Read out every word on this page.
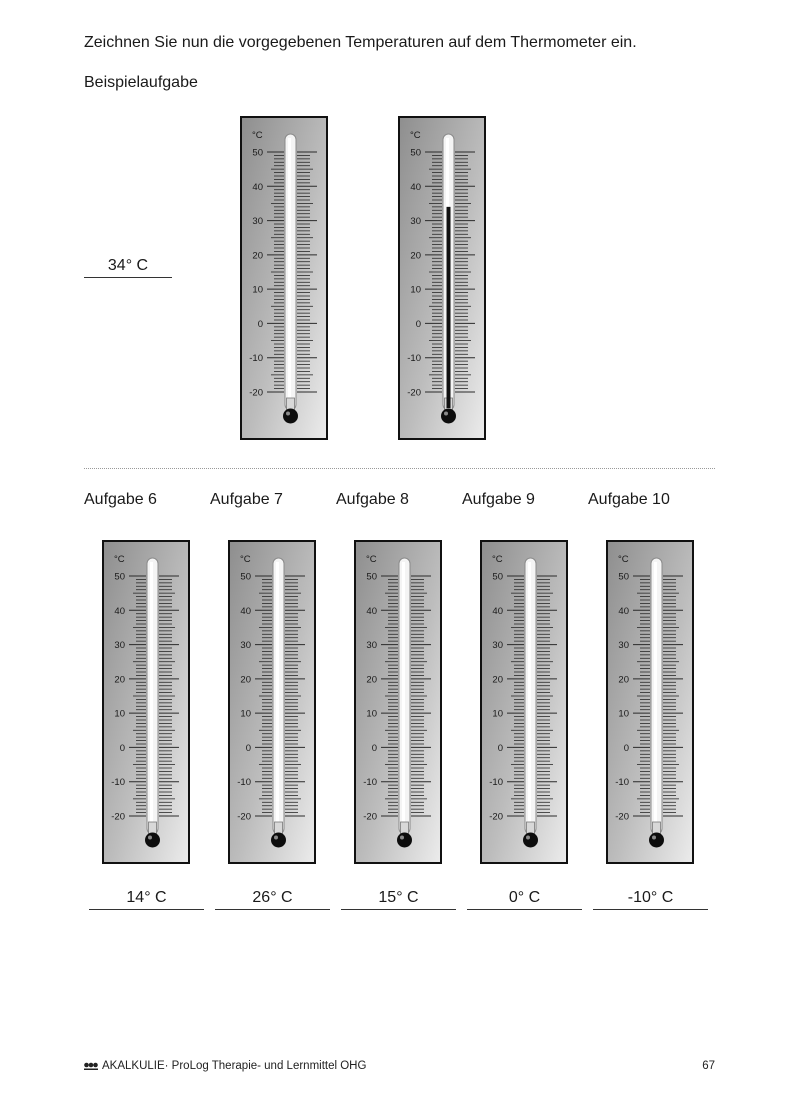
Zeichnen Sie nun die vorgegebenen Temperaturen auf dem Thermometer ein.
Beispielaufgabe
34° C
50
40
30
20
10
0
-10
-20
°C
50
40
30
20
10
0
-10
-20
°C
Aufgabe 6	Aufgabe 7	Aufgabe 8	Aufgabe 9	Aufgabe 10
50
40
30
20
10
0
-10
-20
°C
50
40
30
20
10
0
-10
-20
°C
50
40
30
20
10
0
-10
-20
°C
50
40
30
20
10
0
-10
-20
°C
50
40
30
20
10
0
-10
-20
°C
14° C	26° C	15° C	0° C	-10° C
AKALKULIE · ProLog Therapie- und Lernmittel OHG	67
